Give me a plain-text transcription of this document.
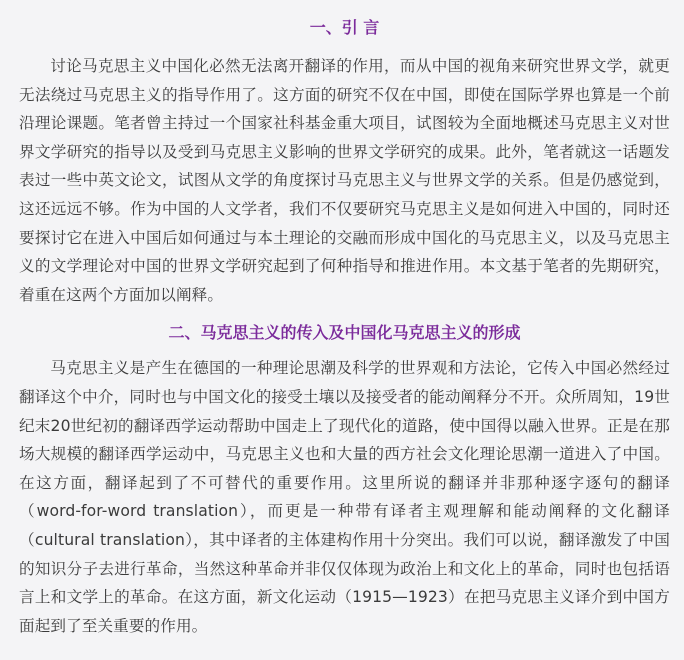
一、引 言

讨论马克思主义中国化必然无法离开翻译的作用，而从中国的视角来研究世界文学，就更无法绕过马克思主义的指导作用了。这方面的研究不仅在中国，即使在国际学界也算是一个前沿理论课题。笔者曾主持过一个国家社科基金重大项目，试图较为全面地概述马克思主义对世界文学研究的指导以及受到马克思主义影响的世界文学研究的成果。此外，笔者就这一话题发表过一些中英文论文，试图从文学的角度探讨马克思主义与世界文学的关系。但是仍感觉到，这还远远不够。作为中国的人文学者，我们不仅要研究马克思主义是如何进入中国的，同时还要探讨它在进入中国后如何通过与本土理论的交融而形成中国化的马克思主义，以及马克思主义的文学理论对中国的世界文学研究起到了何种指导和推进作用。本文基于笔者的先期研究，着重在这两个方面加以阐释。

二、马克思主义的传入及中国化马克思主义的形成

马克思主义是产生在德国的一种理论思潮及科学的世界观和方法论，它传入中国必然经过翻译这个中介，同时也与中国文化的接受土壤以及接受者的能动阐释分不开。众所周知，19世纪末20世纪初的翻译西学运动帮助中国走上了现代化的道路，使中国得以融入世界。正是在那场大规模的翻译西学运动中，马克思主义也和大量的西方社会文化理论思潮一道进入了中国。在这方面，翻译起到了不可替代的重要作用。这里所说的翻译并非那种逐字逐句的翻译（word-for-word translation），而更是一种带有译者主观理解和能动阐释的文化翻译（cultural translation），其中译者的主体建构作用十分突出。我们可以说，翻译激发了中国的知识分子去进行革命，当然这种革命并非仅仅体现为政治上和文化上的革命，同时也包括语言上和文学上的革命。在这方面，新文化运动（1915—1923）在把马克思主义译介到中国方面起到了至关重要的作用。
